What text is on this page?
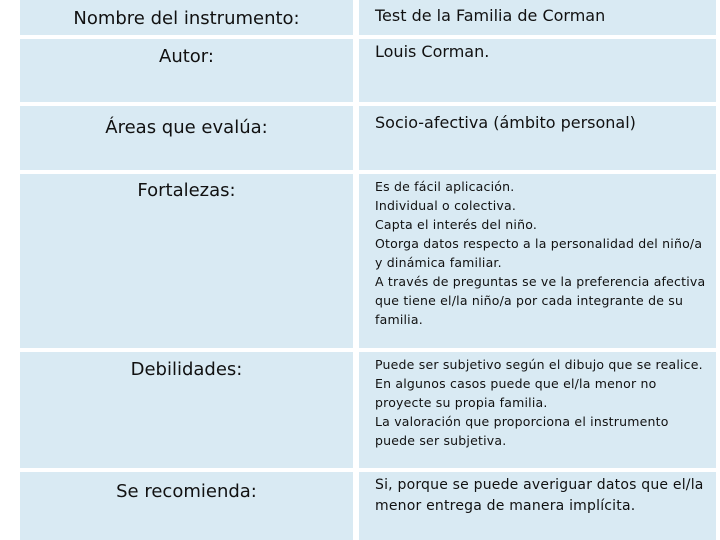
Nombre del instrumento:	Test de la Familia de Corman
Autor:	Louis Corman.
Áreas que evalúa:	Socio-afectiva (ámbito personal)
Fortalezas:	Es de fácil aplicación.
Individual o colectiva.
Capta el interés del niño.
Otorga datos respecto a la personalidad del niño/a
y dinámica familiar.
A través de preguntas se ve la preferencia afectiva
que tiene el/la niño/a por cada integrante de su
familia.
Debilidades:	Puede ser subjetivo según el dibujo que se realice.
En algunos casos puede que el/la menor no
proyecte su propia familia.
La valoración que proporciona el instrumento
puede ser subjetiva.
Se recomienda:	Si, porque se puede averiguar datos que el/la
menor entrega de manera implícita.
